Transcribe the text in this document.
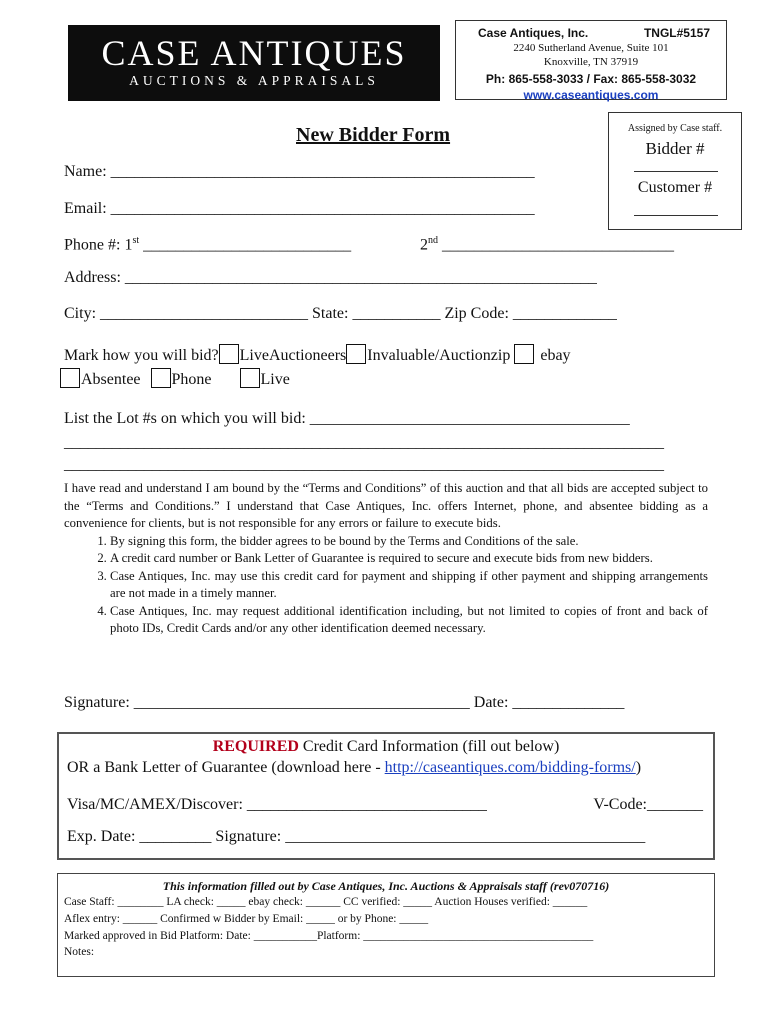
CASE ANTIQUES
AUCTIONS & APPRAISALS
Case Antiques, Inc.	TNGL#5157
2240 Sutherland Avenue, Suite 101
Knoxville, TN 37919
Ph: 865-558-3033 / Fax: 865-558-3032
www.caseantiques.com
Assigned by Case staff.
Bidder #
Customer #
New Bidder Form
Name: _____________________________________________________
Email: _____________________________________________________
Phone #: 1st __________________________	2nd _____________________________
Address: ___________________________________________________________
City: __________________________ State: ___________ Zip Code: _____________
Mark how you will bid? LiveAuctioneers Invaluable/Auctionzip ebay
Absentee Phone	Live
List the Lot #s on which you will bid: ________________________________________
___________________________________________________________________________
___________________________________________________________________________
I have read and understand I am bound by the “Terms and Conditions” of this auction and that all bids are accepted subject to the “Terms and Conditions.” I understand that Case Antiques, Inc. offers Internet, phone, and absentee bidding as a convenience for clients, but is not responsible for any errors or failure to execute bids.
1. By signing this form, the bidder agrees to be bound by the Terms and Conditions of the sale.
2. A credit card number or Bank Letter of Guarantee is required to secure and execute bids from new bidders.
3. Case Antiques, Inc. may use this credit card for payment and shipping if other payment and shipping arrangements are not made in a timely manner.
4. Case Antiques, Inc. may request additional identification including, but not limited to copies of front and back of photo IDs, Credit Cards and/or any other identification deemed necessary.
Signature: __________________________________________ Date: ______________
REQUIRED Credit Card Information (fill out below)
OR a Bank Letter of Guarantee (download here - http://caseantiques.com/bidding-forms/)
Visa/MC/AMEX/Discover: ______________________________	V-Code:_______
Exp. Date: _________ Signature: _____________________________________________
This information filled out by Case Antiques, Inc. Auctions & Appraisals staff (rev070716)
Case Staff: ________ LA check: _____ ebay check: ______ CC verified: _____ Auction Houses verified: ______
Aflex entry: ______ Confirmed w Bidder by Email: _____ or by Phone: _____
Marked approved in Bid Platform: Date: ___________Platform: ________________________________________
Notes:
